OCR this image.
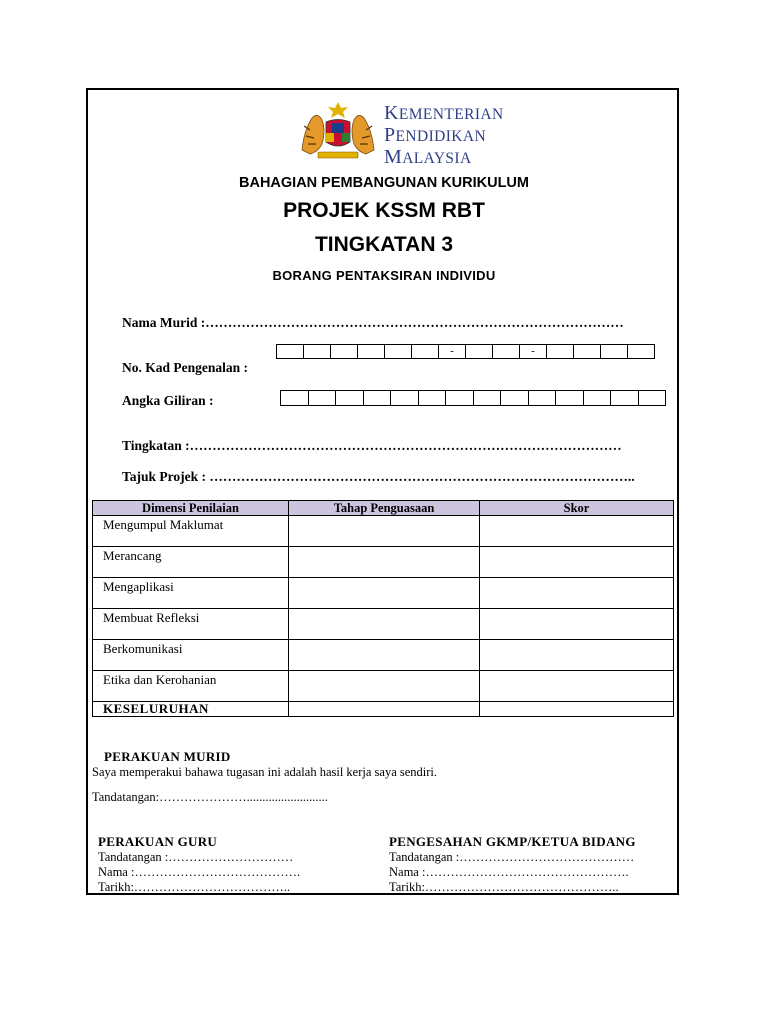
KEMENTERIAN
PENDIDIKAN
MALAYSIA
BAHAGIAN PEMBANGUNAN KURIKULUM
PROJEK KSSM RBT
TINGKATAN 3
BORANG PENTAKSIRAN INDIVIDU
Nama Murid :…………………………………………………………………………………
-	-
No. Kad Pengenalan :
Angka Giliran :
Tingkatan :……………………………………………………………………………………
Tajuk Projek : …………………………………………………………………………………..
Dimensi Penilaian	Tahap Penguasaan	Skor

Mengumpul Maklumat		

Merancang		

Mengaplikasi		

Membuat Refleksi		

Berkomunikasi		

Etika dan Kerohanian		

KESELURUHAN		

PERAKUAN MURID
Saya memperakui bahawa tugasan ini adalah hasil kerja saya sendiri.
Tandatangan:…………………..........................
PERAKUAN GURU
Tandatangan :…………………………
Nama :………………………………….
Tarikh:………………………………..
PENGESAHAN GKMP/KETUA BIDANG
Tandatangan :……………………………………
Nama :………………………………………….
Tarikh:………………………………………..
